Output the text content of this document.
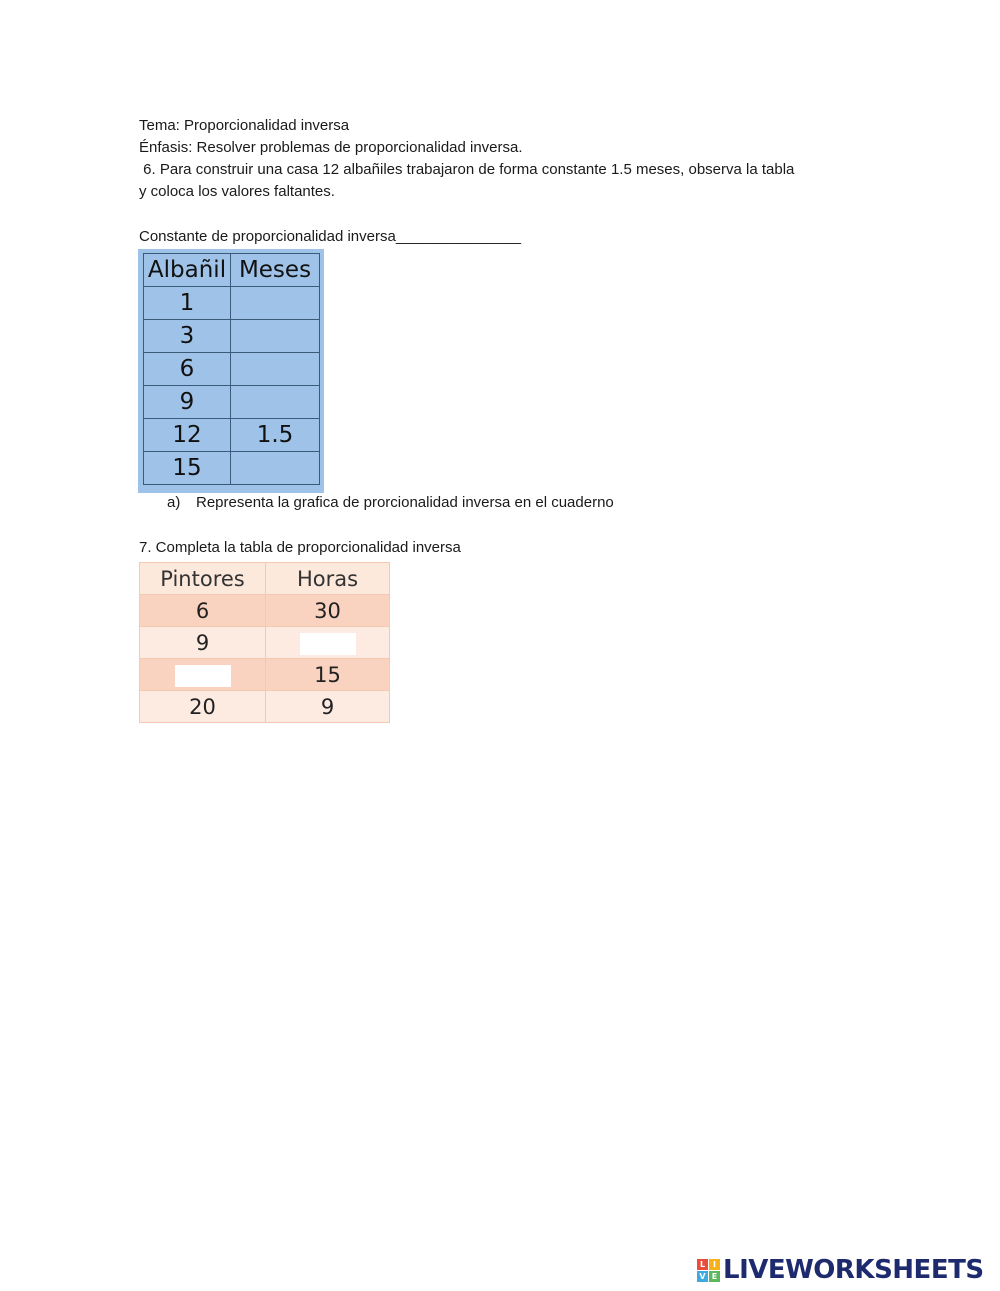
Tema: Proporcionalidad inversa
Énfasis: Resolver problemas de proporcionalidad inversa.
6. Para construir una casa 12 albañiles trabajaron de forma constante 1.5 meses, observa la tabla
y coloca los valores faltantes.
Constante de proporcionalidad inversa_______________
Albañil	Meses
1	
3	
6	
9	
12	1.5
15	
a) Representa la grafica de prorcionalidad inversa en el cuaderno
7. Completa la tabla de proporcionalidad inversa
Pintores	Horas
6	30
9	
	15
20	9
L I
V E LIVEWORKSHEETS
